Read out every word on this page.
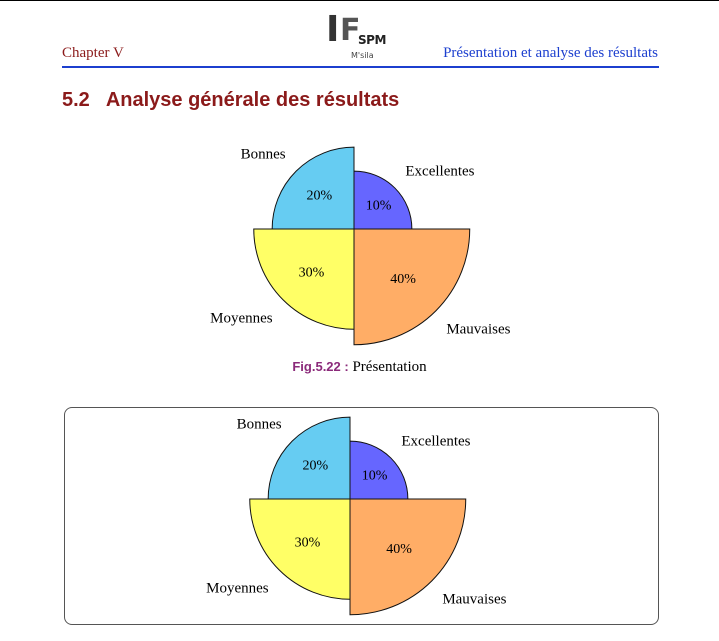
Chapter V
I F
SPM
M'sila	Présentation et analyse des résultats
5.2 Analyse générale des résultats
10%
Excellentes
20%
Bonnes
30%
Moyennes
40%
Mauvaises
Fig.5.22 : Présentation
10%
Excellentes
20%
Bonnes
30%
Moyennes
40%
Mauvaises
